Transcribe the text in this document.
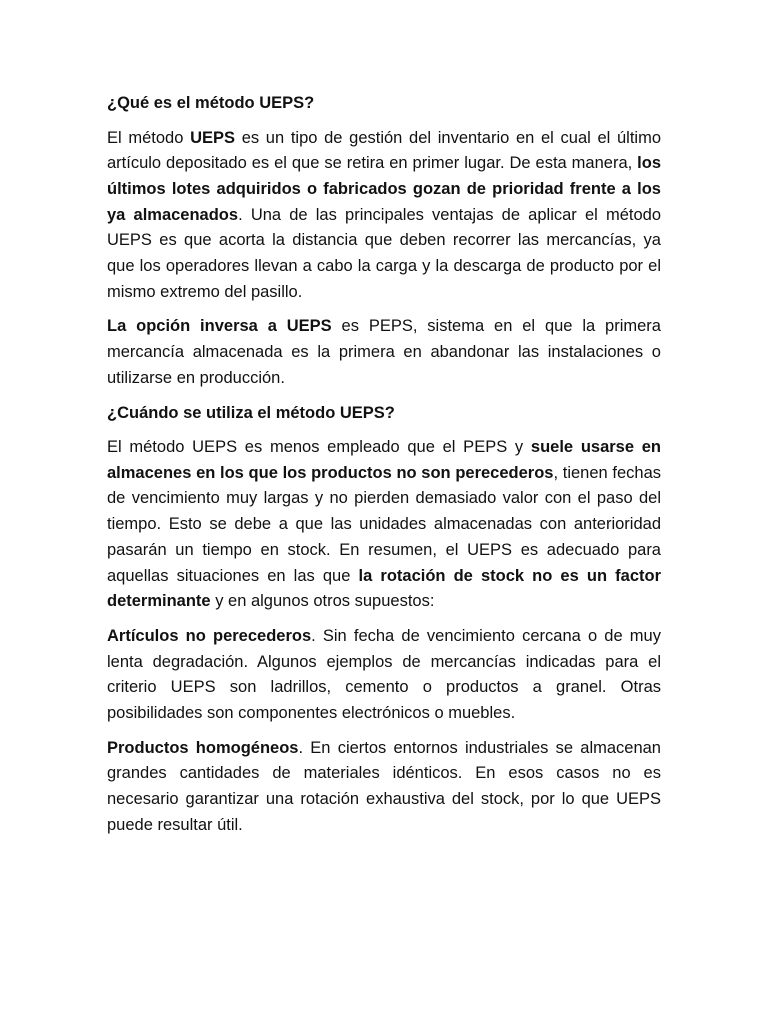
¿Qué es el método UEPS?

El método UEPS es un tipo de gestión del inventario en el cual el último artículo depositado es el que se retira en primer lugar. De esta manera, los últimos lotes adquiridos o fabricados gozan de prioridad frente a los ya almacenados. Una de las principales ventajas de aplicar el método UEPS es que acorta la distancia que deben recorrer las mercancías, ya que los operadores llevan a cabo la carga y la descarga de producto por el mismo extremo del pasillo.

La opción inversa a UEPS es PEPS, sistema en el que la primera mercancía almacenada es la primera en abandonar las instalaciones o utilizarse en producción.

¿Cuándo se utiliza el método UEPS?

El método UEPS es menos empleado que el PEPS y suele usarse en almacenes en los que los productos no son perecederos, tienen fechas de vencimiento muy largas y no pierden demasiado valor con el paso del tiempo. Esto se debe a que las unidades almacenadas con anterioridad pasarán un tiempo en stock. En resumen, el UEPS es adecuado para aquellas situaciones en las que la rotación de stock no es un factor determinante y en algunos otros supuestos:

Artículos no perecederos. Sin fecha de vencimiento cercana o de muy lenta degradación. Algunos ejemplos de mercancías indicadas para el criterio UEPS son ladrillos, cemento o productos a granel. Otras posibilidades son componentes electrónicos o muebles.

Productos homogéneos. En ciertos entornos industriales se almacenan grandes cantidades de materiales idénticos. En esos casos no es necesario garantizar una rotación exhaustiva del stock, por lo que UEPS puede resultar útil.
